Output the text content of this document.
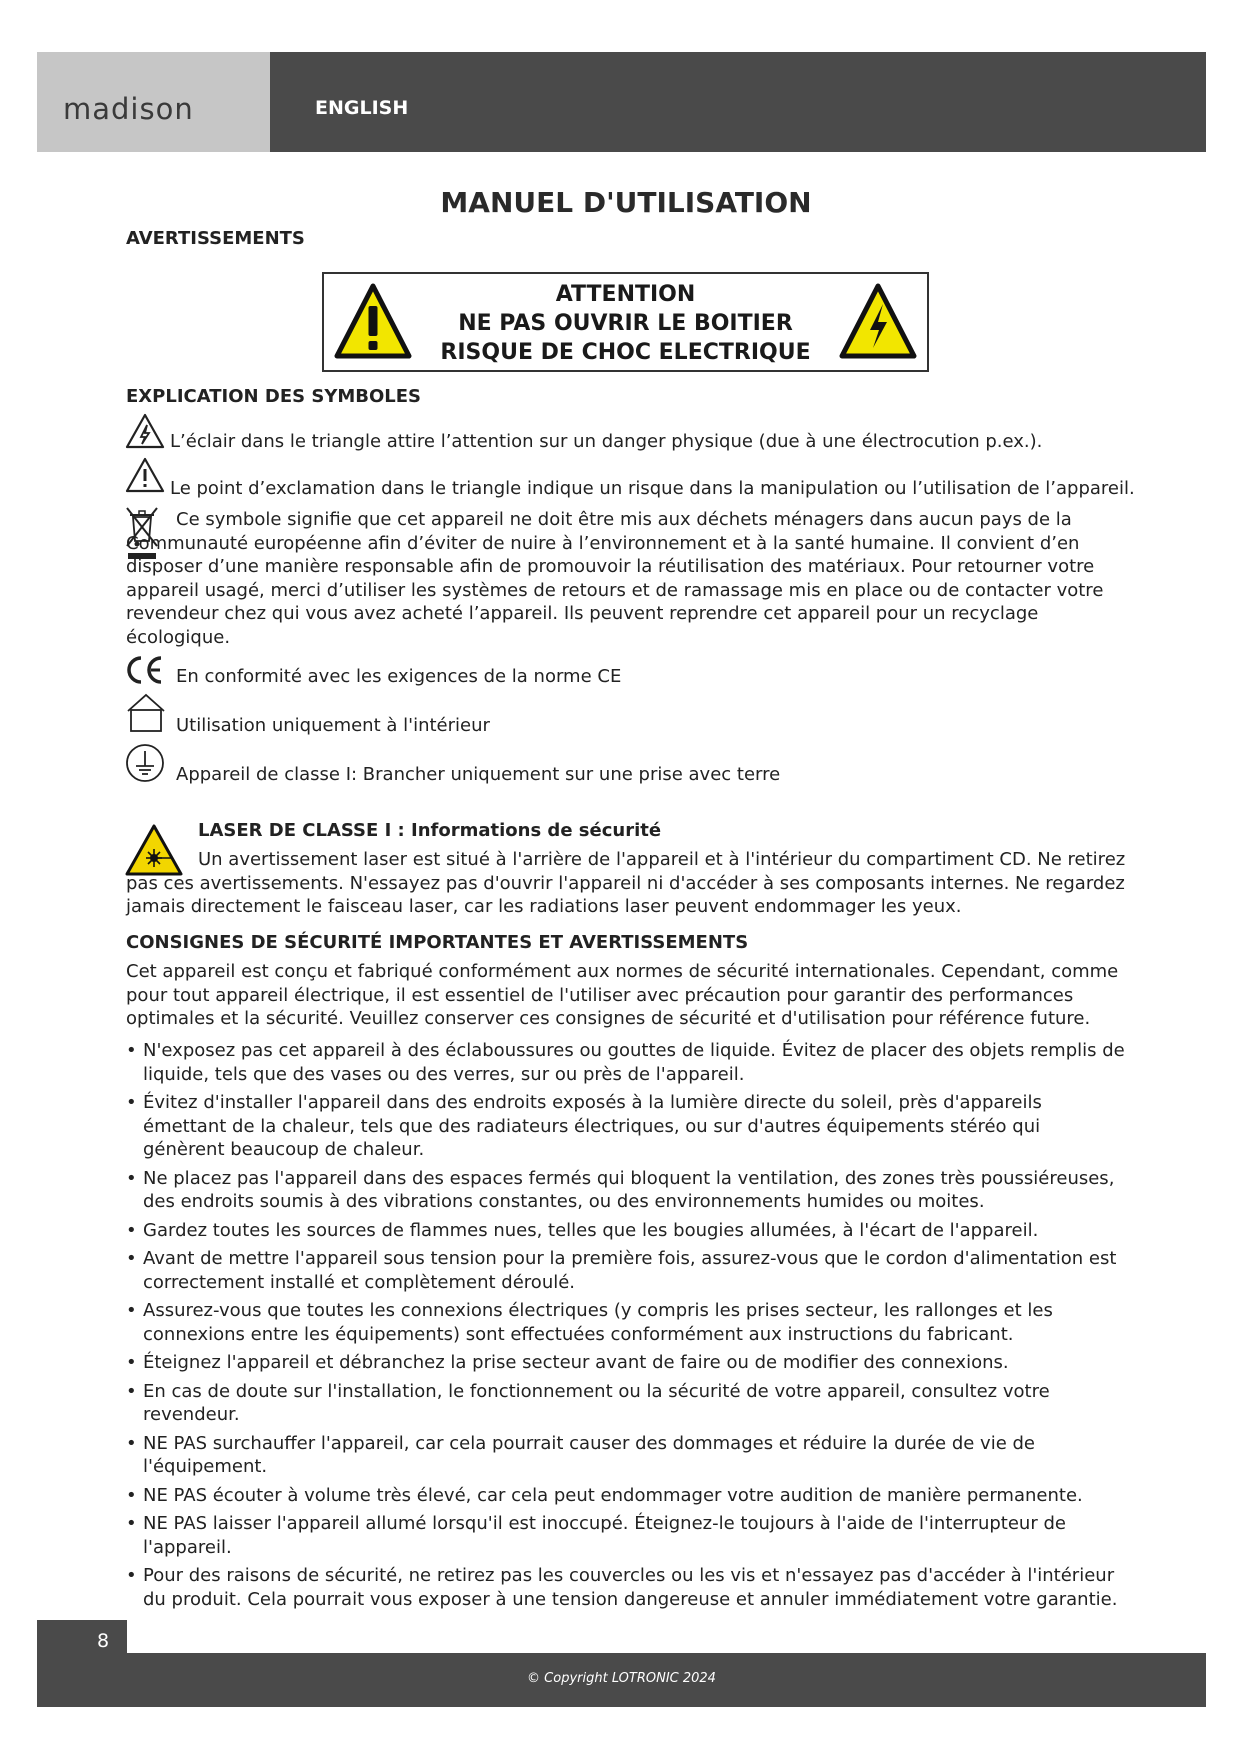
madison	ENGLISH
MANUEL D'UTILISATION
AVERTISSEMENTS
ATTENTION
NE PAS OUVRIR LE BOITIER
RISQUE DE CHOC ELECTRIQUE
EXPLICATION DES SYMBOLES
L’éclair dans le triangle attire l’attention sur un danger physique (due à une électrocution p.ex.).
Le point d’exclamation dans le triangle indique un risque dans la manipulation ou l’utilisation de l’appareil.
Ce symbole signifie que cet appareil ne doit être mis aux déchets ménagers dans aucun pays de la Communauté européenne afin d’éviter de nuire à l’environnement et à la santé humaine. Il convient d’en disposer d’une manière responsable afin de promouvoir la réutilisation des matériaux. Pour retourner votre appareil usagé, merci d’utiliser les systèmes de retours et de ramassage mis en place ou de contacter votre revendeur chez qui vous avez acheté l’appareil. Ils peuvent reprendre cet appareil pour un recyclage écologique.
En conformité avec les exigences de la norme CE
Utilisation uniquement à l'intérieur
Appareil de classe I: Brancher uniquement sur une prise avec terre
LASER DE CLASSE I : Informations de sécurité
Un avertissement laser est situé à l'arrière de l'appareil et à l'intérieur du compartiment CD. Ne retirez pas ces avertissements. N'essayez pas d'ouvrir l'appareil ni d'accéder à ses composants internes. Ne regardez jamais directement le faisceau laser, car les radiations laser peuvent endommager les yeux.
CONSIGNES DE SÉCURITÉ IMPORTANTES ET AVERTISSEMENTS
Cet appareil est conçu et fabriqué conformément aux normes de sécurité internationales. Cependant, comme pour tout appareil électrique, il est essentiel de l'utiliser avec précaution pour garantir des performances optimales et la sécurité. Veuillez conserver ces consignes de sécurité et d'utilisation pour référence future.
• N'exposez pas cet appareil à des éclaboussures ou gouttes de liquide. Évitez de placer des objets remplis de liquide, tels que des vases ou des verres, sur ou près de l'appareil.
• Évitez d'installer l'appareil dans des endroits exposés à la lumière directe du soleil, près d'appareils émettant de la chaleur, tels que des radiateurs électriques, ou sur d'autres équipements stéréo qui génèrent beaucoup de chaleur.
• Ne placez pas l'appareil dans des espaces fermés qui bloquent la ventilation, des zones très poussiéreuses, des endroits soumis à des vibrations constantes, ou des environnements humides ou moites.
• Gardez toutes les sources de flammes nues, telles que les bougies allumées, à l'écart de l'appareil.
• Avant de mettre l'appareil sous tension pour la première fois, assurez-vous que le cordon d'alimentation est correctement installé et complètement déroulé.
• Assurez-vous que toutes les connexions électriques (y compris les prises secteur, les rallonges et les connexions entre les équipements) sont effectuées conformément aux instructions du fabricant.
• Éteignez l'appareil et débranchez la prise secteur avant de faire ou de modifier des connexions.
• En cas de doute sur l'installation, le fonctionnement ou la sécurité de votre appareil, consultez votre revendeur.
• NE PAS surchauffer l'appareil, car cela pourrait causer des dommages et réduire la durée de vie de l'équipement.
• NE PAS écouter à volume très élevé, car cela peut endommager votre audition de manière permanente.
• NE PAS laisser l'appareil allumé lorsqu'il est inoccupé. Éteignez-le toujours à l'aide de l'interrupteur de l'appareil.
• Pour des raisons de sécurité, ne retirez pas les couvercles ou les vis et n'essayez pas d'accéder à l'intérieur du produit. Cela pourrait vous exposer à une tension dangereuse et annuler immédiatement votre garantie.
© Copyright LOTRONIC 2024
8
